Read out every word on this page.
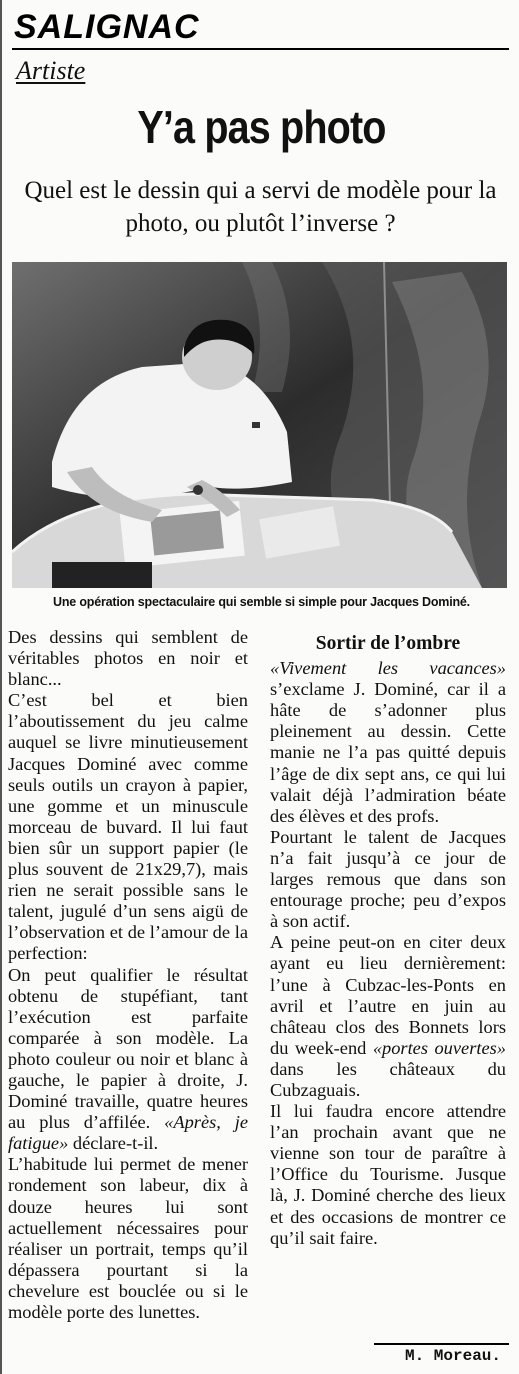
SALIGNAC
Artiste
Y’a pas photo
Quel est le dessin qui a servi de modèle pour la photo, ou plutôt l’inverse ?
Une opération spectaculaire qui semble si simple pour Jacques Dominé.

Des dessins qui semblent de véritables photos en noir et blanc...

C’est bel et bien l’aboutissement du jeu calme auquel se livre minutieusement Jacques Dominé avec comme seuls outils un crayon à papier, une gomme et un minuscule morceau de buvard. Il lui faut bien sûr un support papier (le plus souvent de 21x29,7), mais rien ne serait possible sans le talent, jugulé d’un sens aigü de l’observation et de l’amour de la perfection:

On peut qualifier le résultat obtenu de stupéfiant, tant l’exécution est parfaite comparée à son modèle. La photo couleur ou noir et blanc à gauche, le papier à droite, J. Dominé travaille, quatre heures au plus d’affilée. «Après, je fatigue» déclare-t-il.

L’habitude lui permet de mener rondement son labeur, dix à douze heures lui sont actuellement nécessaires pour réaliser un portrait, temps qu’il dépassera pourtant si la chevelure est bouclée ou si le modèle porte des lunettes.

Sortir de l’ombre

«Vivement les vacances» s’exclame J. Dominé, car il a hâte de s’adonner plus pleinement au dessin. Cette manie ne l’a pas quitté depuis l’âge de dix sept ans, ce qui lui valait déjà l’admiration béate des élèves et des profs.

Pourtant le talent de Jacques n’a fait jusqu’à ce jour de larges remous que dans son entourage proche; peu d’expos à son actif.

A peine peut-on en citer deux ayant eu lieu dernièrement: l’une à Cubzac-les-Ponts en avril et l’autre en juin au château clos des Bonnets lors du week-end «portes ouvertes» dans les châteaux du Cubzaguais.

Il lui faudra encore attendre l’an prochain avant que ne vienne son tour de paraître à l’Office du Tourisme. Jusque là, J. Dominé cherche des lieux et des occasions de montrer ce qu’il sait faire.

M. Moreau.
